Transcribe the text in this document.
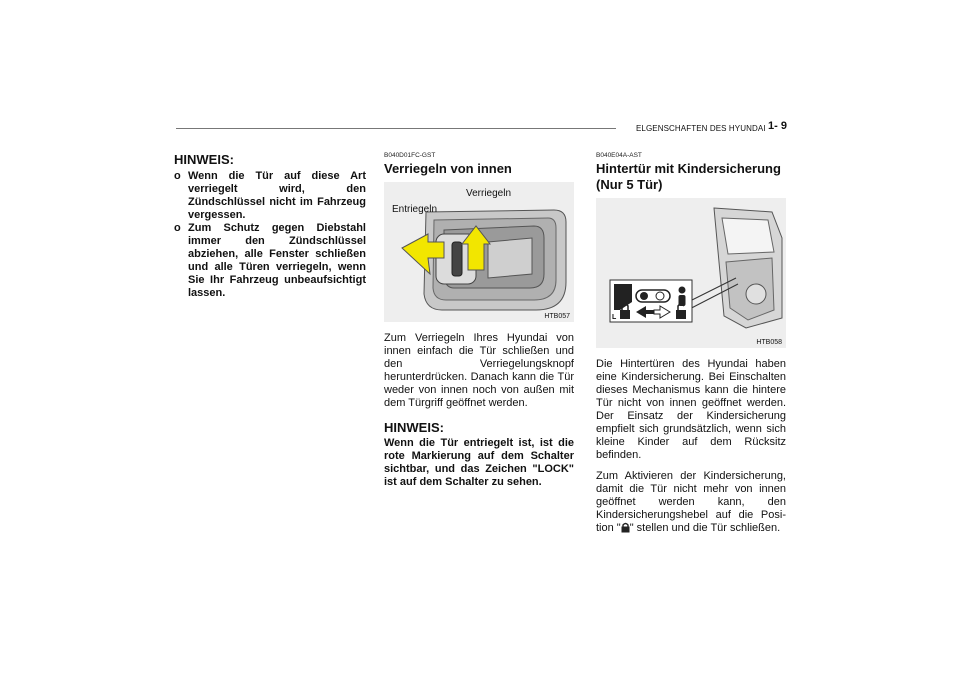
ELGENSCHAFTEN DES HYUNDAI 1- 9
HINWEIS:
o Wenn die Tür auf diese Art verriegelt wird, den Zündschlüssel nicht im Fahrzeug vergessen.
o Zum Schutz gegen Diebstahl immer den Zündschlüssel abziehen, alle Fenster schließen und alle Türen verriegeln, wenn Sie Ihr Fahrzeug unbeaufsichtigt lassen.

B040D01FC-GST

Verriegeln von innen
Verriegeln
Entriegeln
HTB057

Zum Verriegeln Ihres Hyundai von innen einfach die Tür schließen und den Verriegelungsknopf herunterdrücken. Danach kann die Tür weder von innen noch von außen mit dem Türgriff geöffnet werden.

HINWEIS:

Wenn die Tür entriegelt ist, ist die rote Markierung auf dem Schalter sichtbar, und das Zeichen "LOCK" ist auf dem Schalter zu sehen.

B040E04A-AST

Hintertür mit Kindersicherung
(Nur 5 Tür)
L
HTB058

Die Hintertüren des Hyundai haben eine Kindersicherung. Bei Einschalten dieses Mechanismus kann die hintere Tür nicht von innen geöffnet werden. Der Einsatz der Kindersicherung empfielt sich grundsätzlich, wenn sich kleine Kinder auf dem Rücksitz befinden.

Zum Aktivieren der Kindersicherung, damit die Tür nicht mehr von innen geöffnet werden kann, den Kindersicherungshebel auf die Posi-tion " " stellen und die Tür schließen.
